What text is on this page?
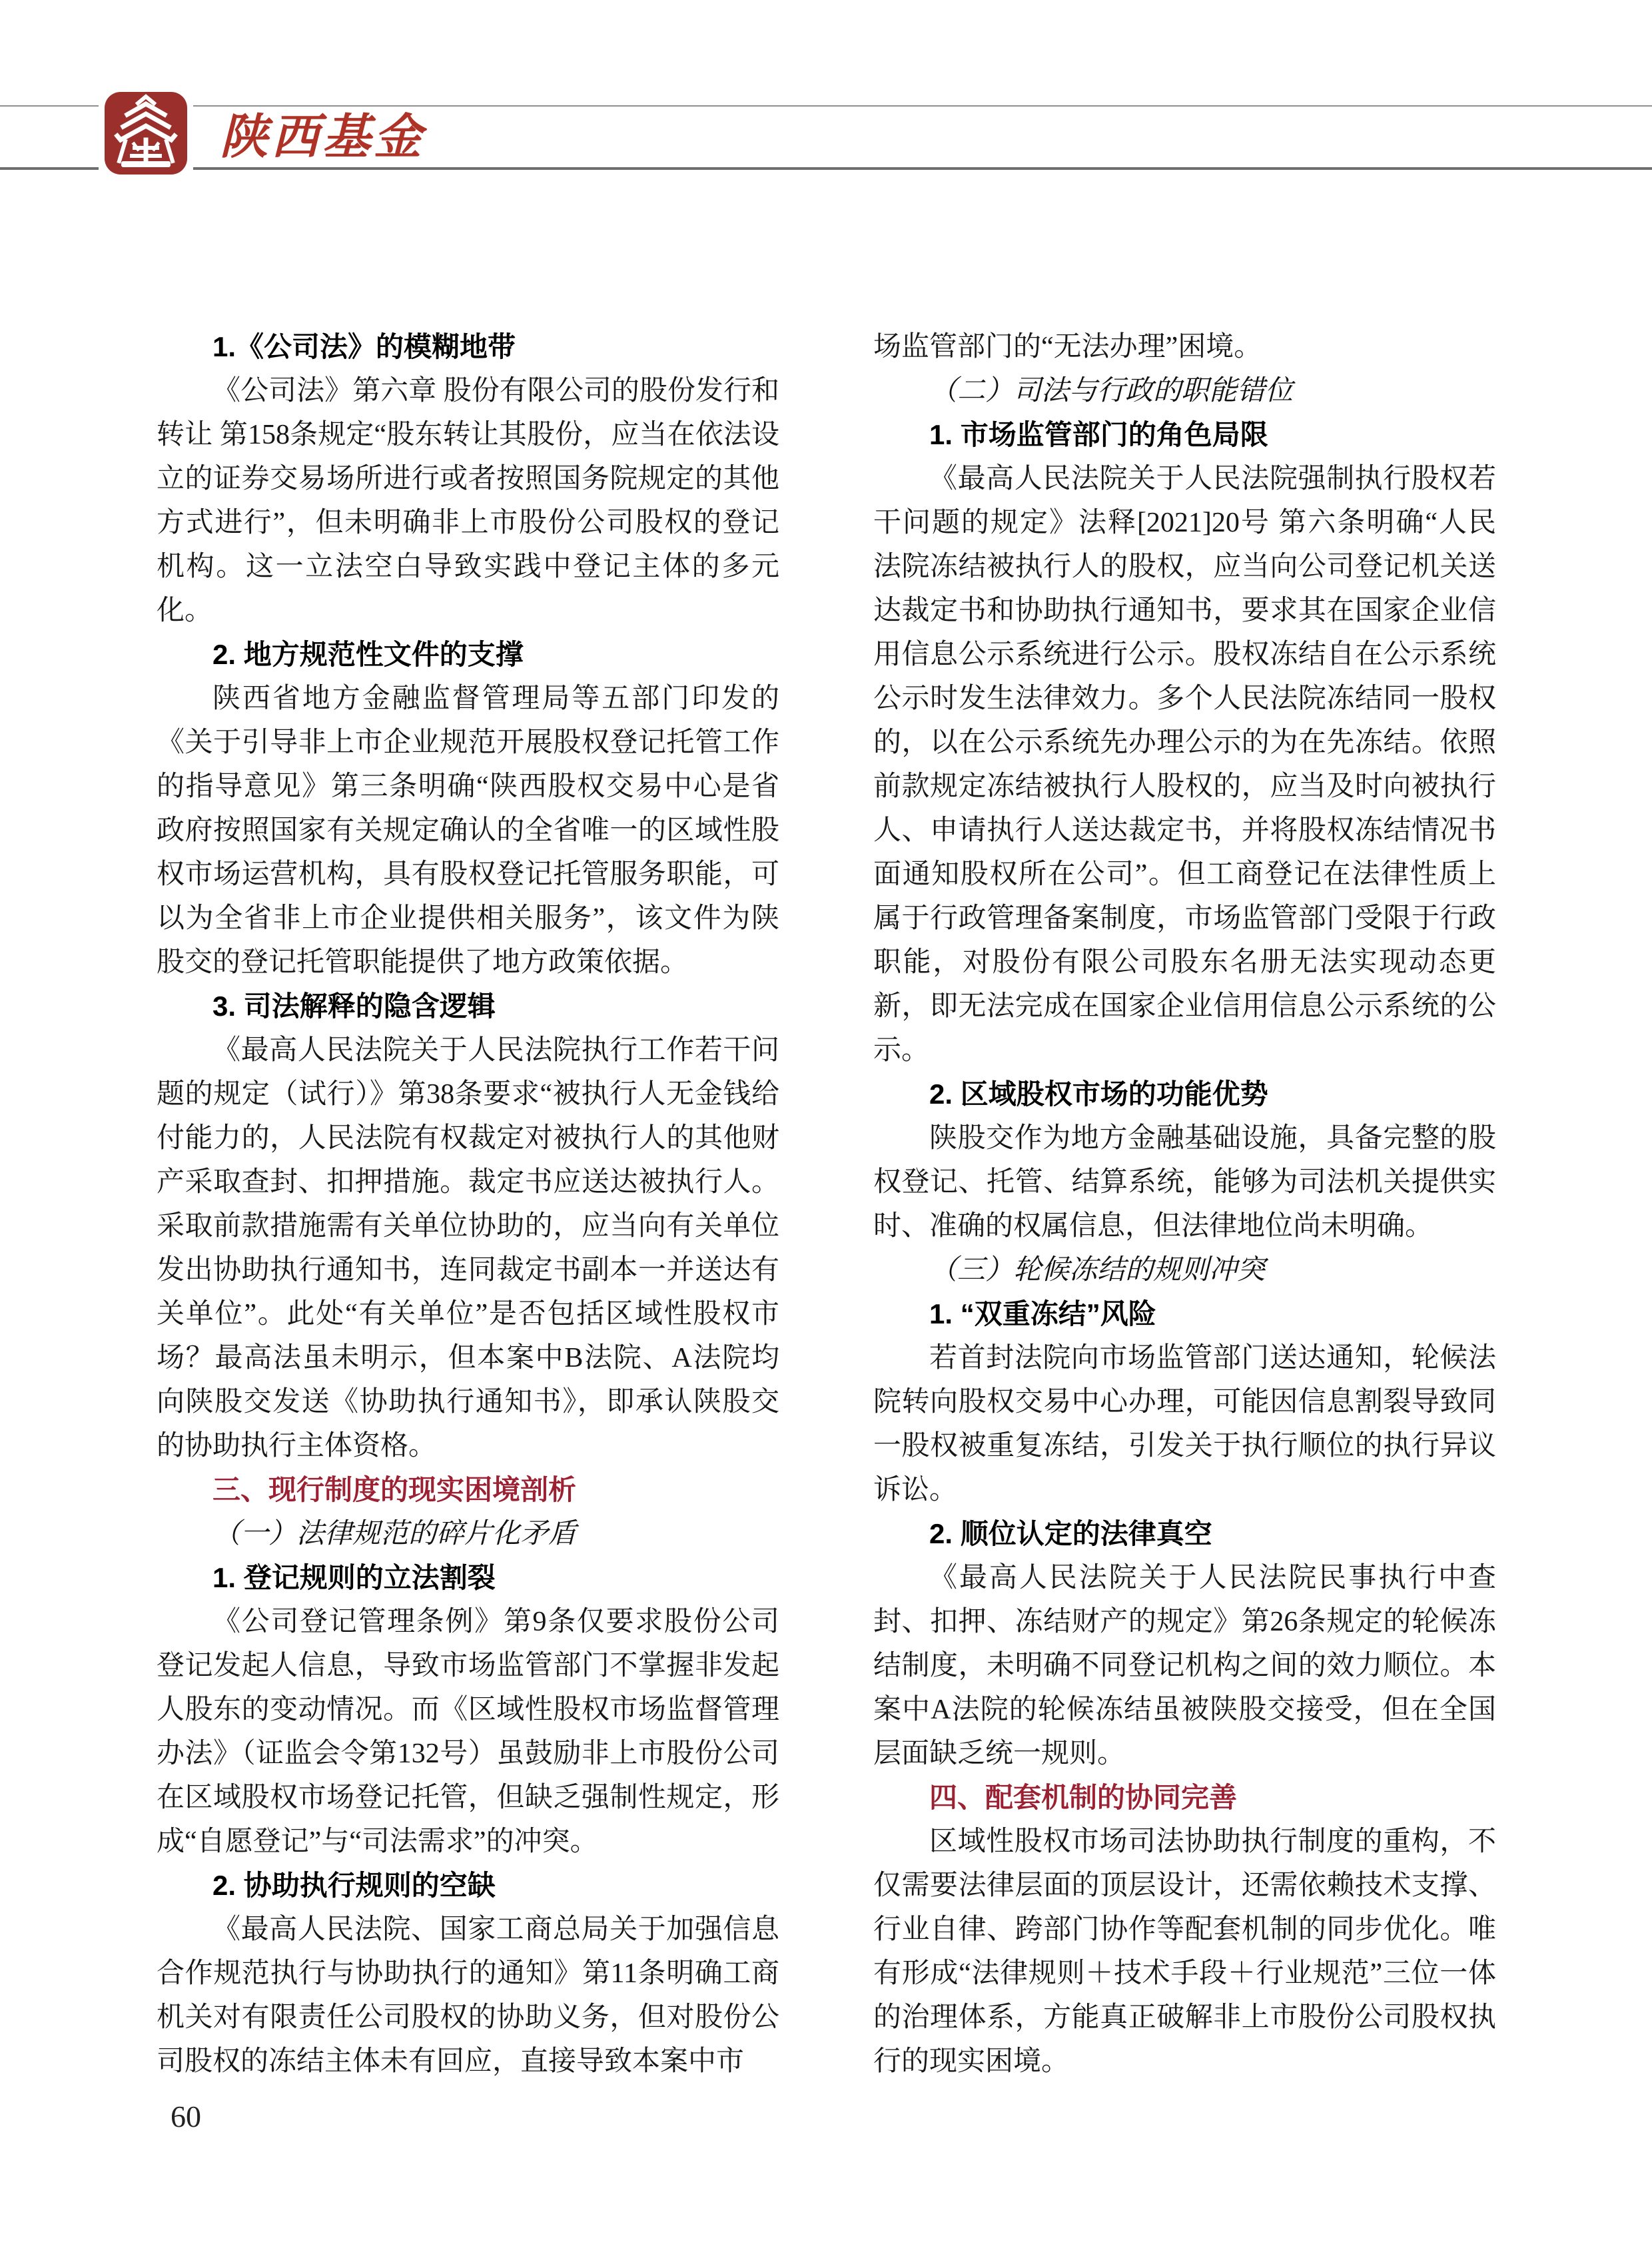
陕西基金

1.《公司法》的模糊地带

《公司法》第六章 股份有限公司的股份发行和转让 第158条规定“股东转让其股份，应当在依法设立的证券交易场所进行或者按照国务院规定的其他方式进行”，但未明确非上市股份公司股权的登记机构。这一立法空白导致实践中登记主体的多元化。

2. 地方规范性文件的支撑

陕西省地方金融监督管理局等五部门印发的《关于引导非上市企业规范开展股权登记托管工作的指导意见》第三条明确“陕西股权交易中心是省政府按照国家有关规定确认的全省唯一的区域性股权市场运营机构，具有股权登记托管服务职能，可以为全省非上市企业提供相关服务”，该文件为陕股交的登记托管职能提供了地方政策依据。

3. 司法解释的隐含逻辑

《最高人民法院关于人民法院执行工作若干问题的规定（试行）》第38条要求“被执行人无金钱给付能力的，人民法院有权裁定对被执行人的其他财产采取查封、扣押措施。裁定书应送达被执行人。采取前款措施需有关单位协助的，应当向有关单位发出协助执行通知书，连同裁定书副本一并送达有关单位”。此处“有关单位”是否包括区域性股权市场？最高法虽未明示，但本案中B法院、A法院均向陕股交发送《协助执行通知书》，即承认陕股交的协助执行主体资格。

三、现行制度的现实困境剖析

（一）法律规范的碎片化矛盾

1. 登记规则的立法割裂

《公司登记管理条例》第9条仅要求股份公司登记发起人信息，导致市场监管部门不掌握非发起人股东的变动情况。而《区域性股权市场监督管理办法》（证监会令第132号）虽鼓励非上市股份公司在区域股权市场登记托管，但缺乏强制性规定，形成“自愿登记”与“司法需求”的冲突。

2. 协助执行规则的空缺

《最高人民法院、国家工商总局关于加强信息合作规范执行与协助执行的通知》第11条明确工商机关对有限责任公司股权的协助义务，但对股份公司股权的冻结主体未有回应，直接导致本案中市

场监管部门的“无法办理”困境。

（二）司法与行政的职能错位

1. 市场监管部门的角色局限

《最高人民法院关于人民法院强制执行股权若干问题的规定》法释[2021]20号 第六条明确“人民法院冻结被执行人的股权，应当向公司登记机关送达裁定书和协助执行通知书，要求其在国家企业信用信息公示系统进行公示。股权冻结自在公示系统公示时发生法律效力。多个人民法院冻结同一股权的，以在公示系统先办理公示的为在先冻结。依照前款规定冻结被执行人股权的，应当及时向被执行人、申请执行人送达裁定书，并将股权冻结情况书面通知股权所在公司”。但工商登记在法律性质上属于行政管理备案制度，市场监管部门受限于行政职能，对股份有限公司股东名册无法实现动态更新，即无法完成在国家企业信用信息公示系统的公示。

2. 区域股权市场的功能优势

陕股交作为地方金融基础设施，具备完整的股权登记、托管、结算系统，能够为司法机关提供实时、准确的权属信息，但法律地位尚未明确。

（三）轮候冻结的规则冲突

1. “双重冻结”风险

若首封法院向市场监管部门送达通知，轮候法院转向股权交易中心办理，可能因信息割裂导致同一股权被重复冻结，引发关于执行顺位的执行异议诉讼。

2. 顺位认定的法律真空

《最高人民法院关于人民法院民事执行中查封、扣押、冻结财产的规定》第26条规定的轮候冻结制度，未明确不同登记机构之间的效力顺位。本案中A法院的轮候冻结虽被陕股交接受，但在全国层面缺乏统一规则。

四、配套机制的协同完善

区域性股权市场司法协助执行制度的重构，不仅需要法律层面的顶层设计，还需依赖技术支撑、行业自律、跨部门协作等配套机制的同步优化。唯有形成“法律规则＋技术手段＋行业规范”三位一体的治理体系，方能真正破解非上市股份公司股权执行的现实困境。

60
